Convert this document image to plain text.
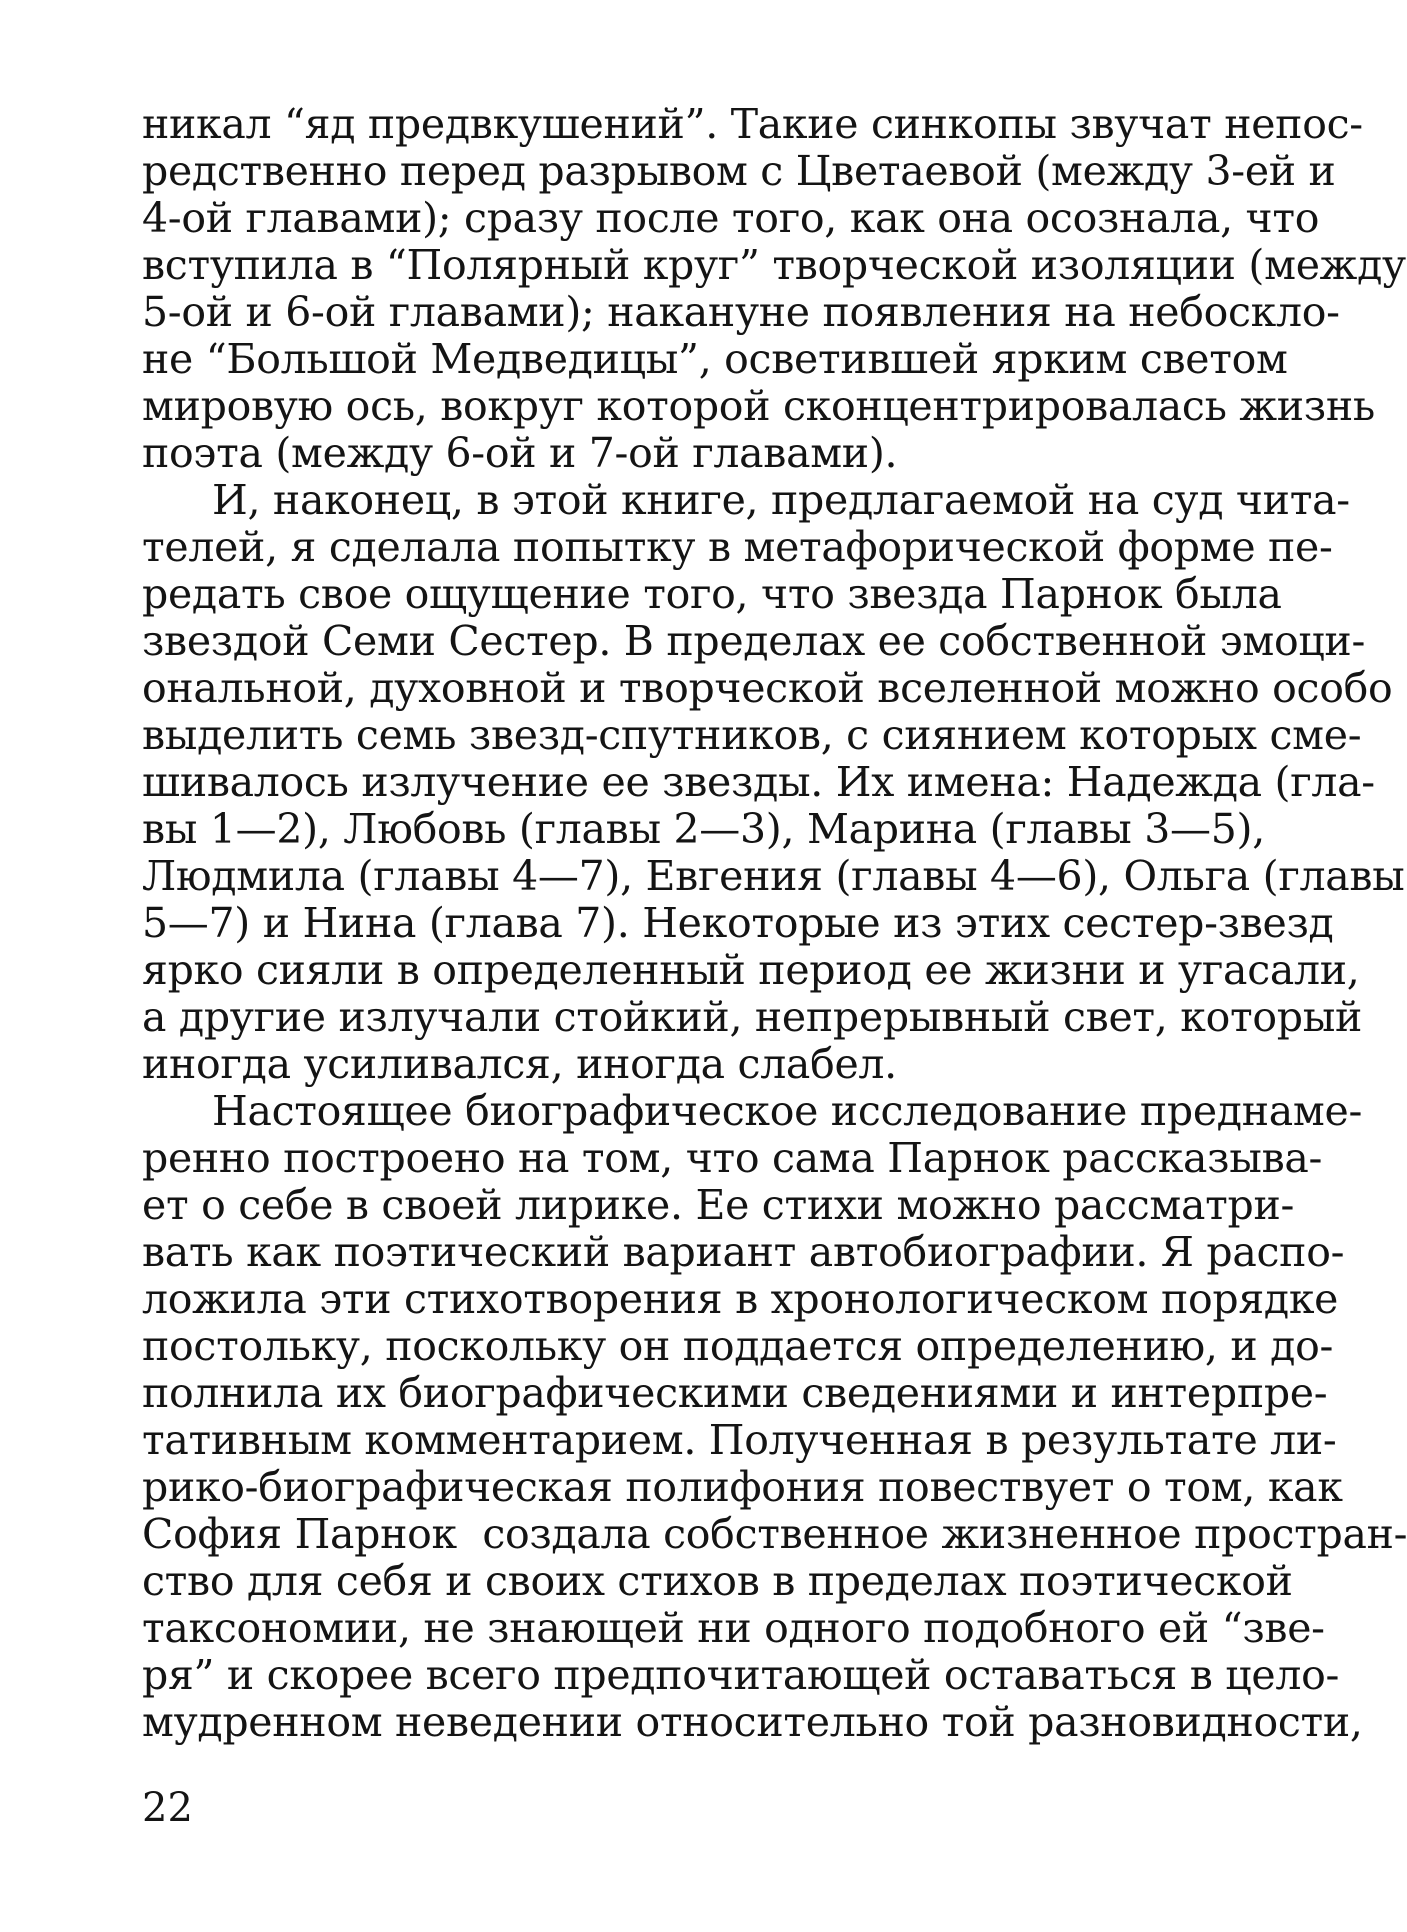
никал “яд предвкушений”. Такие синкопы звучат непос-
редственно перед разрывом с Цветаевой (между 3-ей и
4-ой главами); сразу после того, как она осознала, что
вступила в “Полярный круг” творческой изоляции (между
5-ой и 6-ой главами); накануне появления на небоскло-
не “Большой Медведицы”, осветившей ярким светом
мировую ось, вокруг которой сконцентрировалась жизнь
поэта (между 6-ой и 7-ой главами).
И, наконец, в этой книге, предлагаемой на суд чита-
телей, я сделала попытку в метафорической форме пе-
редать свое ощущение того, что звезда Парнок была
звездой Семи Сестер. В пределах ее собственной эмоци-
ональной, духовной и творческой вселенной можно особо
выделить семь звезд-спутников, с сиянием которых сме-
шивалось излучение ее звезды. Их имена: Надежда (гла-
вы 1—2), Любовь (главы 2—3), Марина (главы 3—5),
Людмила (главы 4—7), Евгения (главы 4—6), Ольга (главы
5—7) и Нина (глава 7). Некоторые из этих сестер-звезд
ярко сияли в определенный период ее жизни и угасали,
а другие излучали стойкий, непрерывный свет, который
иногда усиливался, иногда слабел.
Настоящее биографическое исследование преднаме-
ренно построено на том, что сама Парнок рассказыва-
ет о себе в своей лирике. Ее стихи можно рассматри-
вать как поэтический вариант автобиографии. Я распо-
ложила эти стихотворения в хронологическом порядке
постольку, поскольку он поддается определению, и до-
полнила их биографическими сведениями и интерпре-
тативным комментарием. Полученная в результате ли-
рико-биографическая полифония повествует о том, как
София Парнок  создала собственное жизненное простран-
ство для себя и своих стихов в пределах поэтической
таксономии, не знающей ни одного подобного ей “зве-
ря” и скорее всего предпочитающей оставаться в цело-
мудренном неведении относительно той разновидности,
22
